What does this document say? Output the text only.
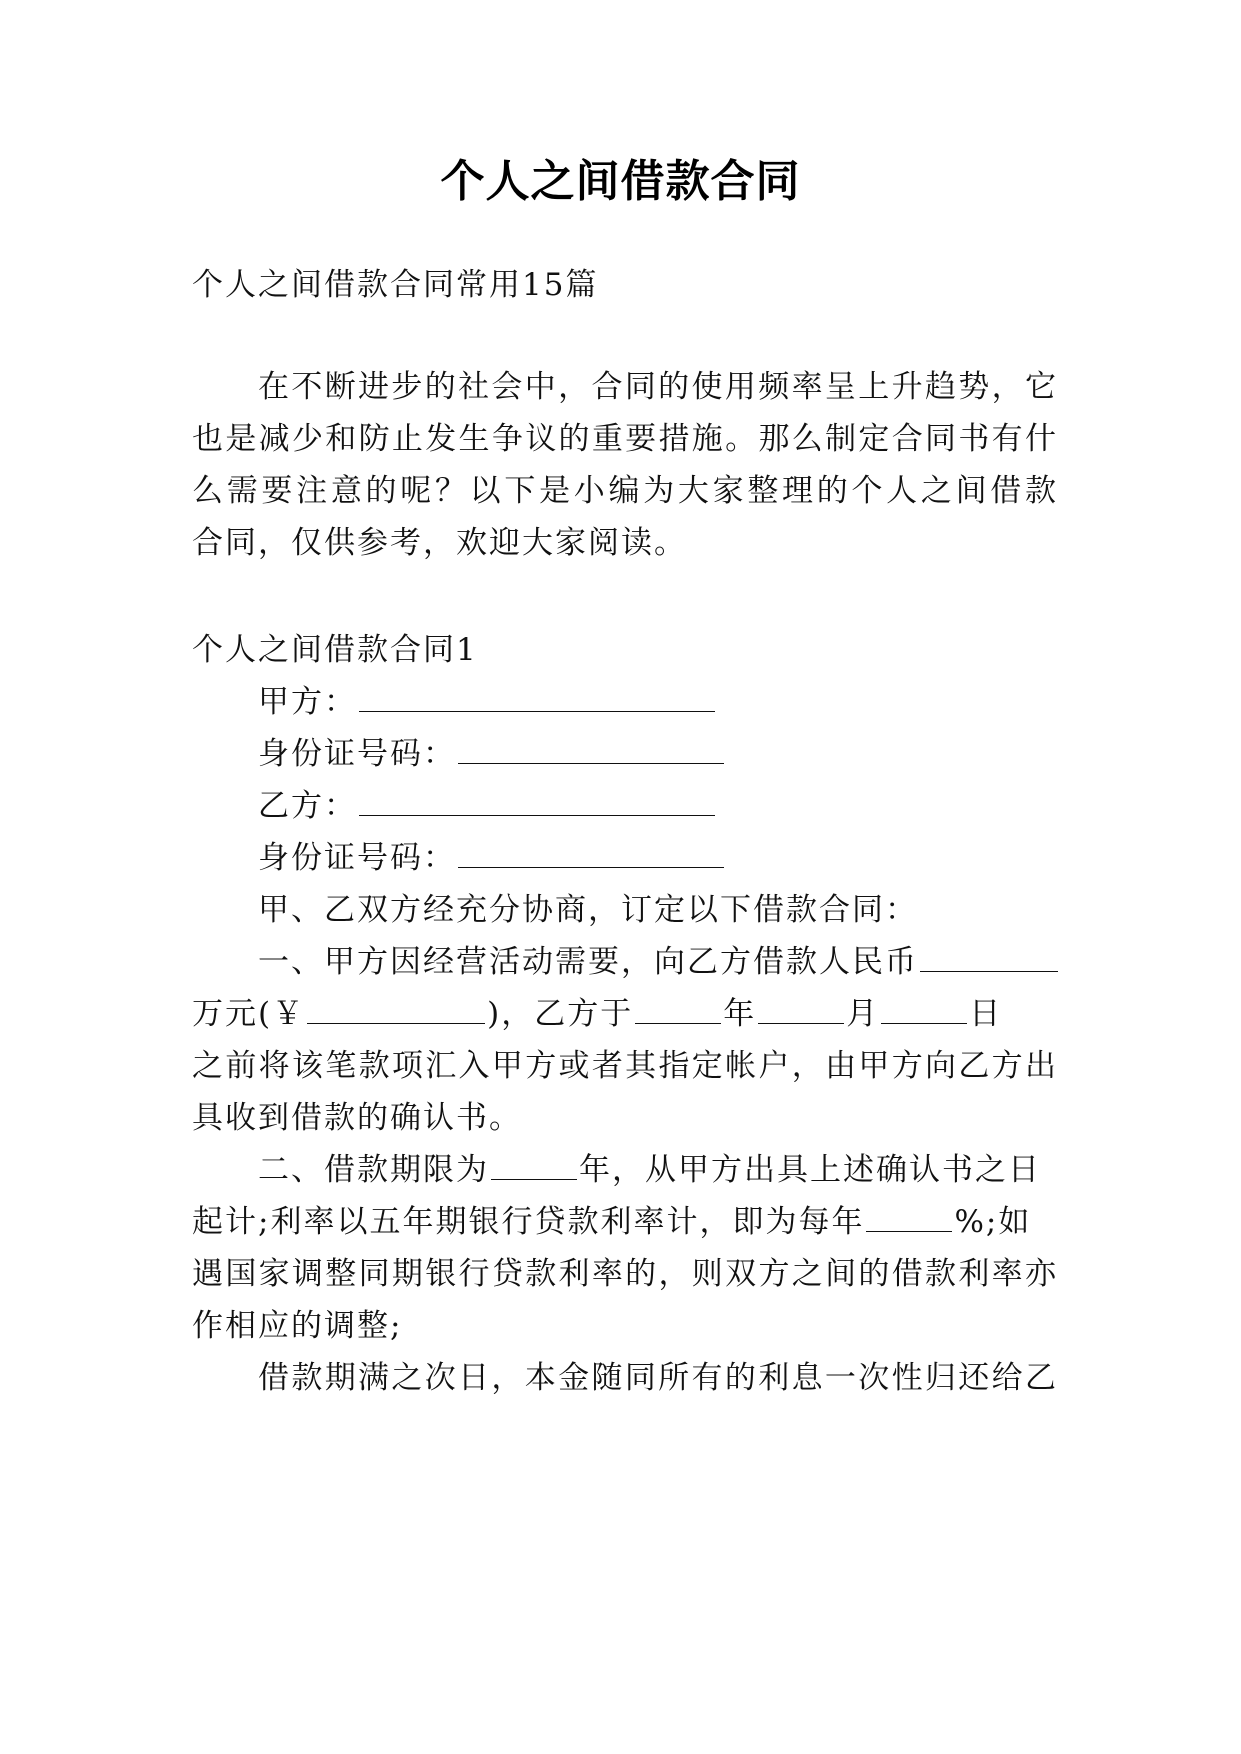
个人之间借款合同
个人之间借款合同常用15篇
在不断进步的社会中，合同的使用频率呈上升趋势，它
也是减少和防止发生争议的重要措施。那么制定合同书有什
么需要注意的呢？以下是小编为大家整理的个人之间借款
合同，仅供参考，欢迎大家阅读。
个人之间借款合同1
甲方：
身份证号码：
乙方：
身份证号码：
甲、乙双方经充分协商，订定以下借款合同：
一、甲方因经营活动需要，向乙方借款人民币
万元(￥	)，乙方于	年	月	日
之前将该笔款项汇入甲方或者其指定帐户，由甲方向乙方出
具收到借款的确认书。
二、借款期限为	年，从甲方出具上述确认书之日
起计;利率以五年期银行贷款利率计，即为每年	%;如
遇国家调整同期银行贷款利率的，则双方之间的借款利率亦
作相应的调整;
借款期满之次日，本金随同所有的利息一次性归还给乙
